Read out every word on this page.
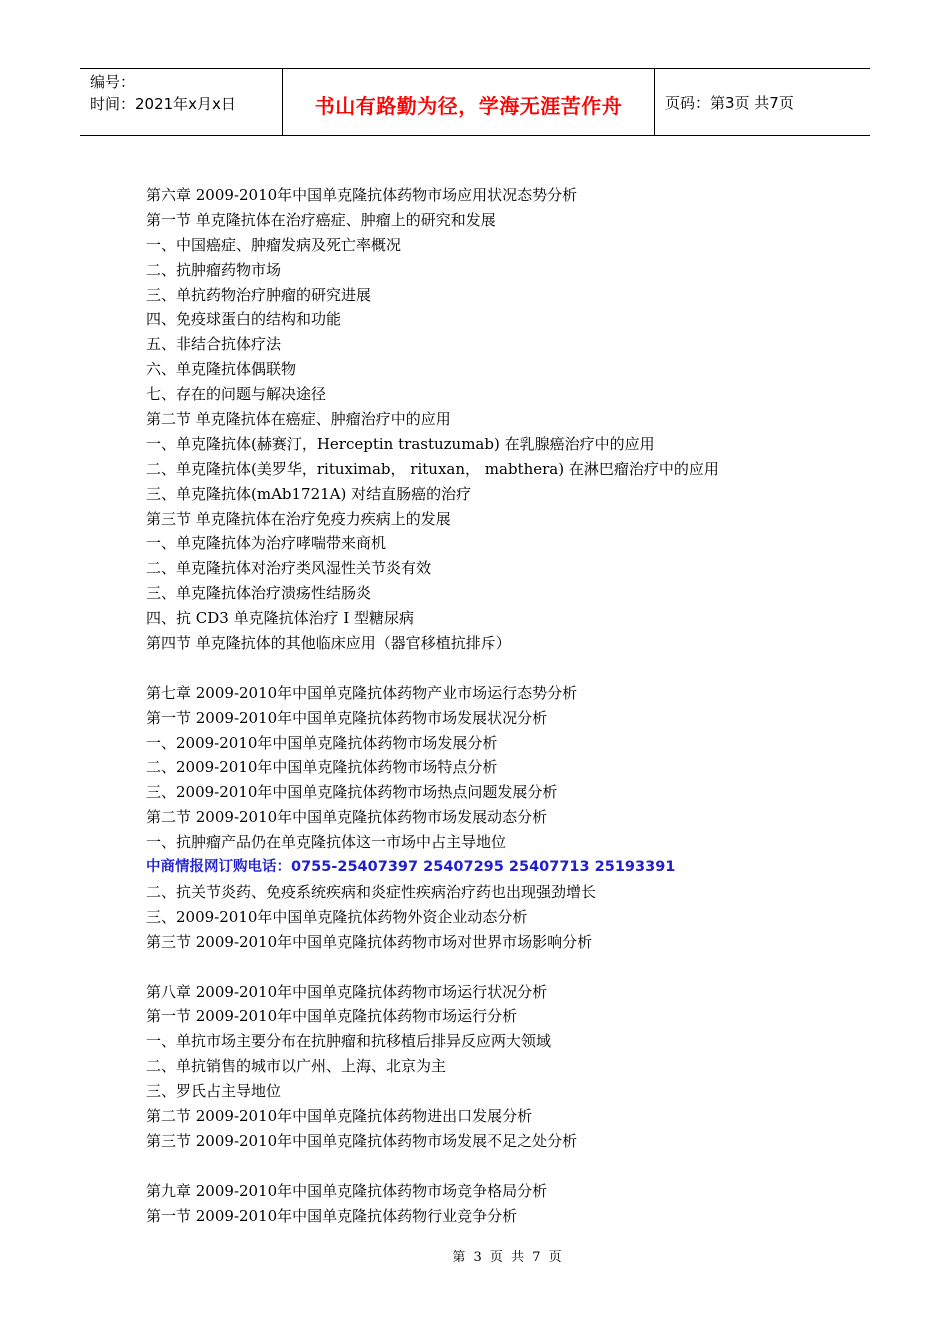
编号：
时间：2021年x月x日	书山有路勤为径，学海无涯苦作舟	页码：第3页 共7页
第六章 2009-2010年中国单克隆抗体药物市场应用状况态势分析
第一节 单克隆抗体在治疗癌症、肿瘤上的研究和发展
一、中国癌症、肿瘤发病及死亡率概况
二、抗肿瘤药物市场
三、单抗药物治疗肿瘤的研究进展
四、免疫球蛋白的结构和功能
五、非结合抗体疗法
六、单克隆抗体偶联物
七、存在的问题与解决途径
第二节 单克隆抗体在癌症、肿瘤治疗中的应用
一、单克隆抗体(赫赛汀，Herceptin trastuzumab) 在乳腺癌治疗中的应用
二、单克隆抗体(美罗华，rituximab， rituxan， mabthera) 在淋巴瘤治疗中的应用
三、单克隆抗体(mAb1721A) 对结直肠癌的治疗
第三节 单克隆抗体在治疗免疫力疾病上的发展
一、单克隆抗体为治疗哮喘带来商机
二、单克隆抗体对治疗类风湿性关节炎有效
三、单克隆抗体治疗溃疡性结肠炎
四、抗 CD3 单克隆抗体治疗 I 型糖尿病
第四节 单克隆抗体的其他临床应用（器官移植抗排斥）
第七章 2009-2010年中国单克隆抗体药物产业市场运行态势分析
第一节 2009-2010年中国单克隆抗体药物市场发展状况分析
一、2009-2010年中国单克隆抗体药物市场发展分析
二、2009-2010年中国单克隆抗体药物市场特点分析
三、2009-2010年中国单克隆抗体药物市场热点问题发展分析
第二节 2009-2010年中国单克隆抗体药物市场发展动态分析
一、抗肿瘤产品仍在单克隆抗体这一市场中占主导地位
中商情报网订购电话：0755-25407397 25407295 25407713 25193391
二、抗关节炎药、免疫系统疾病和炎症性疾病治疗药也出现强劲增长
三、2009-2010年中国单克隆抗体药物外资企业动态分析
第三节 2009-2010年中国单克隆抗体药物市场对世界市场影响分析
第八章 2009-2010年中国单克隆抗体药物市场运行状况分析
第一节 2009-2010年中国单克隆抗体药物市场运行分析
一、单抗市场主要分布在抗肿瘤和抗移植后排异反应两大领域
二、单抗销售的城市以广州、上海、北京为主
三、罗氏占主导地位
第二节 2009-2010年中国单克隆抗体药物进出口发展分析
第三节 2009-2010年中国单克隆抗体药物市场发展不足之处分析
第九章 2009-2010年中国单克隆抗体药物市场竞争格局分析
第一节 2009-2010年中国单克隆抗体药物行业竞争分析
第 3 页 共 7 页
